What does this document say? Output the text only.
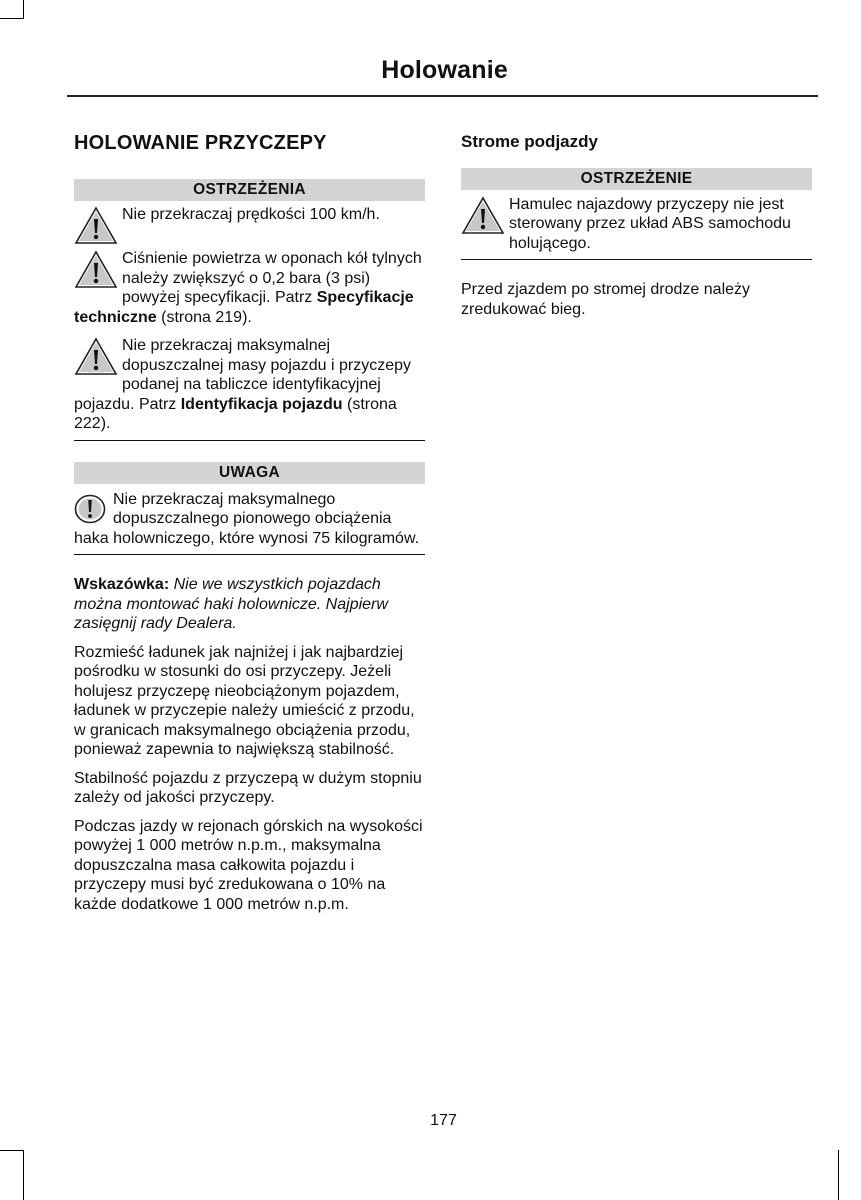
Holowanie
HOLOWANIE PRZYCZEPY
OSTRZEŻENIA

Nie przekraczaj prędkości 100 km/h.

Ciśnienie powietrza w oponach kół tylnych należy zwiększyć o 0,2 bara (3 psi) powyżej specyfikacji. Patrz Specyfikacje techniczne (strona 219).

Nie przekraczaj maksymalnej dopuszczalnej masy pojazdu i przyczepy podanej na tabliczce identyfikacyjnej pojazdu. Patrz Identyfikacja pojazdu (strona 222).

UWAGA

Nie przekraczaj maksymalnego dopuszczalnego pionowego obciążenia haka holowniczego, które wynosi 75 kilogramów.

Wskazówka: Nie we wszystkich pojazdach można montować haki holownicze. Najpierw zasięgnij rady Dealera.

Rozmieść ładunek jak najniżej i jak najbardziej pośrodku w stosunki do osi przyczepy. Jeżeli holujesz przyczepę nieobciążonym pojazdem, ładunek w przyczepie należy umieścić z przodu, w granicach maksymalnego obciążenia przodu, ponieważ zapewnia to największą stabilność.

Stabilność pojazdu z przyczepą w dużym stopniu zależy od jakości przyczepy.

Podczas jazdy w rejonach górskich na wysokości powyżej 1 000 metrów n.p.m., maksymalna dopuszczalna masa całkowita pojazdu i przyczepy musi być zredukowana o 10% na każde dodatkowe 1 000 metrów n.p.m.

Strome podjazdy
OSTRZEŻENIE

Hamulec najazdowy przyczepy nie jest sterowany przez układ ABS samochodu holującego.

Przed zjazdem po stromej drodze należy zredukować bieg.

177
